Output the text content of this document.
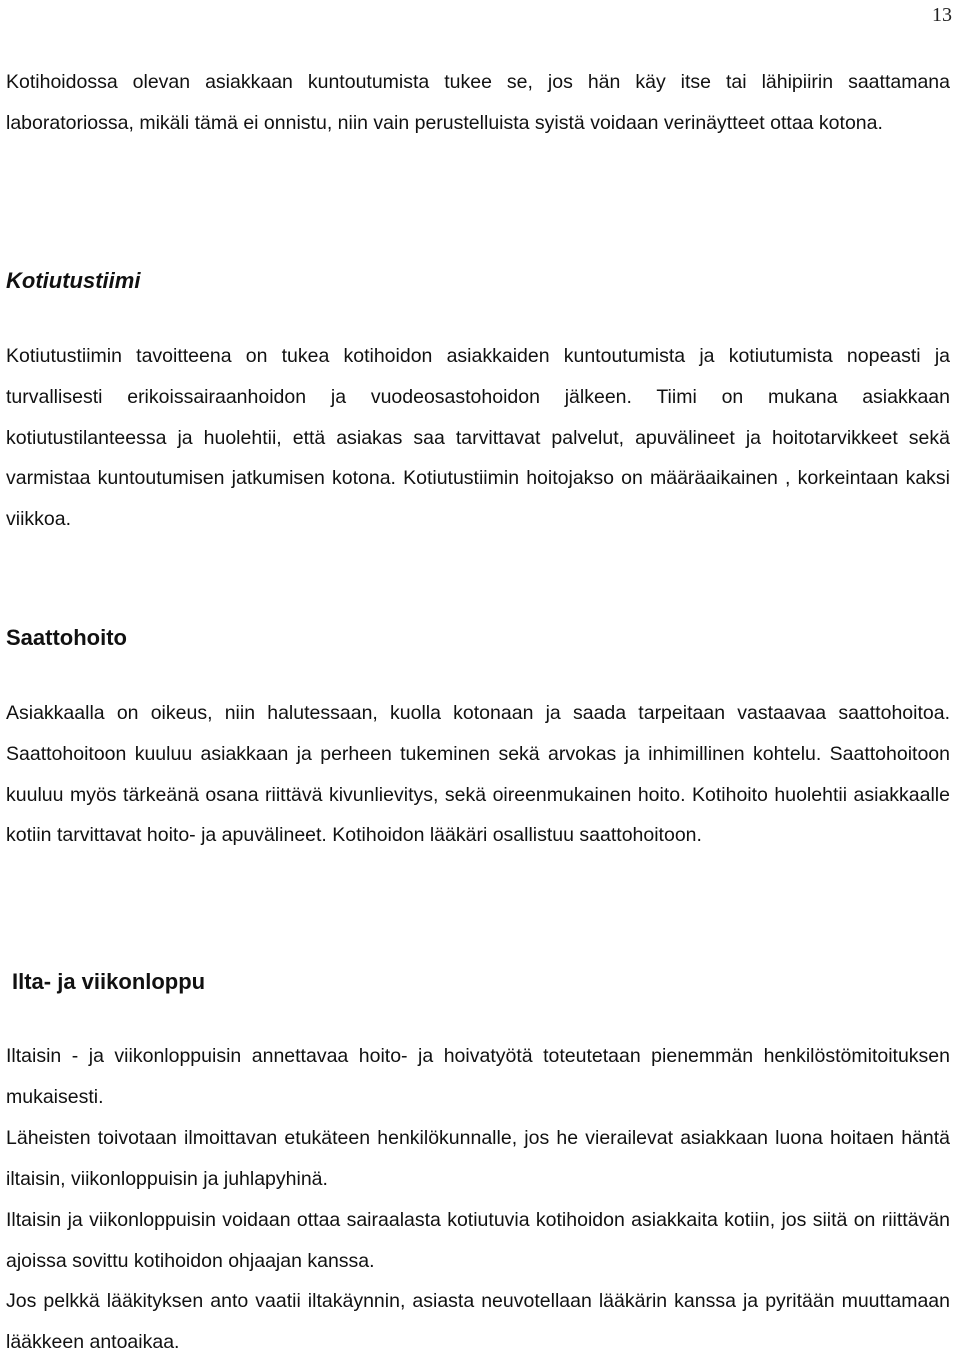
13

Kotihoidossa olevan asiakkaan kuntoutumista tukee se, jos hän käy itse tai lähipiirin saattamana laboratoriossa, mikäli tämä ei onnistu, niin vain perustelluista syistä voidaan verinäytteet ottaa kotona.

Kotiutustiimi

Kotiutustiimin tavoitteena on tukea kotihoidon asiakkaiden kuntoutumista ja kotiutumista nopeasti ja turvallisesti erikoissairaanhoidon ja vuodeosastohoidon jälkeen. Tiimi on mukana asiakkaan kotiutustilanteessa ja huolehtii, että asiakas saa tarvittavat palvelut, apuvälineet ja hoitotarvikkeet sekä varmistaa kuntoutumisen jatkumisen kotona. Kotiutustiimin hoitojakso on määräaikainen , korkeintaan kaksi viikkoa.

Saattohoito

Asiakkaalla on oikeus, niin halutessaan, kuolla kotonaan ja saada tarpeitaan vastaavaa saattohoitoa. Saattohoitoon kuuluu asiakkaan ja perheen tukeminen sekä arvokas ja inhimillinen kohtelu. Saattohoitoon kuuluu myös tärkeänä osana riittävä kivunlievitys, sekä oireenmukainen hoito. Kotihoito huolehtii asiakkaalle kotiin tarvittavat hoito- ja apuvälineet. Kotihoidon lääkäri osallistuu saattohoitoon.

Ilta- ja viikonloppu

Iltaisin - ja viikonloppuisin annettavaa hoito- ja hoivatyötä toteutetaan pienemmän henkilöstömitoituksen mukaisesti.

Läheisten toivotaan ilmoittavan etukäteen henkilökunnalle, jos he vierailevat asiakkaan luona hoitaen häntä iltaisin, viikonloppuisin ja juhlapyhinä.

Iltaisin ja viikonloppuisin voidaan ottaa sairaalasta kotiutuvia kotihoidon asiakkaita kotiin, jos siitä on riittävän ajoissa sovittu kotihoidon ohjaajan kanssa.

Jos pelkkä lääkityksen anto vaatii iltakäynnin, asiasta neuvotellaan lääkärin kanssa ja pyritään muuttamaan lääkkeen antoaikaa.
